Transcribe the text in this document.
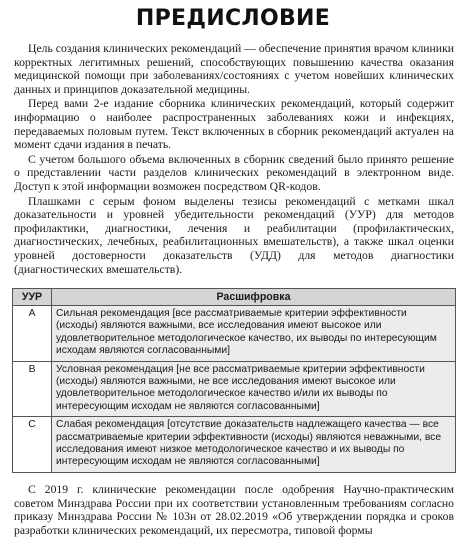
ПРЕДИСЛОВИЕ

Цель создания клинических рекомендаций — обеспечение принятия врачом клиники корректных легитимных решений, способствующих повышению качества оказания медицинской помощи при заболеваниях/состояниях с учетом новейших клинических данных и принципов доказательной медицины.

Перед вами 2-е издание сборника клинических рекомендаций, который содержит информацию о наиболее распространенных заболеваниях кожи и инфекциях, передаваемых половым путем. Текст включенных в сборник рекомендаций актуален на момент сдачи издания в печать.

С учетом большого объема включенных в сборник сведений было принято решение о представлении части разделов клинических рекомендаций в электронном виде. Доступ к этой информации возможен посредством QR-кодов.

Плашками с серым фоном выделены тезисы рекомендаций с метками шкал доказательности и уровней убедительности рекомендаций (УУР) для методов профилактики, диагностики, лечения и реабилитации (профилактических, диагностических, лечебных, реабилитационных вмешательств), а также шкал оценки уровней достоверности доказательств (УДД) для методов диагностики (диагностических вмешательств).

УУР	Расшифровка
A	Сильная рекомендация [все рассматриваемые критерии эффективности (исходы) являются важными, все исследования имеют высокое или удовлетворительное методологическое качество, их выводы по интересующим исходам являются согласованными]
B	Условная рекомендация [не все рассматриваемые критерии эффективности (исходы) являются важными, не все исследования имеют высокое или удовлетворительное методологическое качество и/или их выводы по интересующим исходам не являются согласованными]
C	Слабая рекомендация [отсутствие доказательств надлежащего качества — все рассматриваемые критерии эффективности (исходы) являются неважными, все исследования имеют низкое методологическое качество и их выводы по интересующим исходам не являются согласованными]

С 2019 г. клинические рекомендации после одобрения Научно-практическим советом Минздрава России при их соответствии установленным требованиям согласно приказу Минздрава России № 103н от 28.02.2019 «Об утверждении порядка и сроков разработки клинических рекомендаций, их пересмотра, типовой формы
